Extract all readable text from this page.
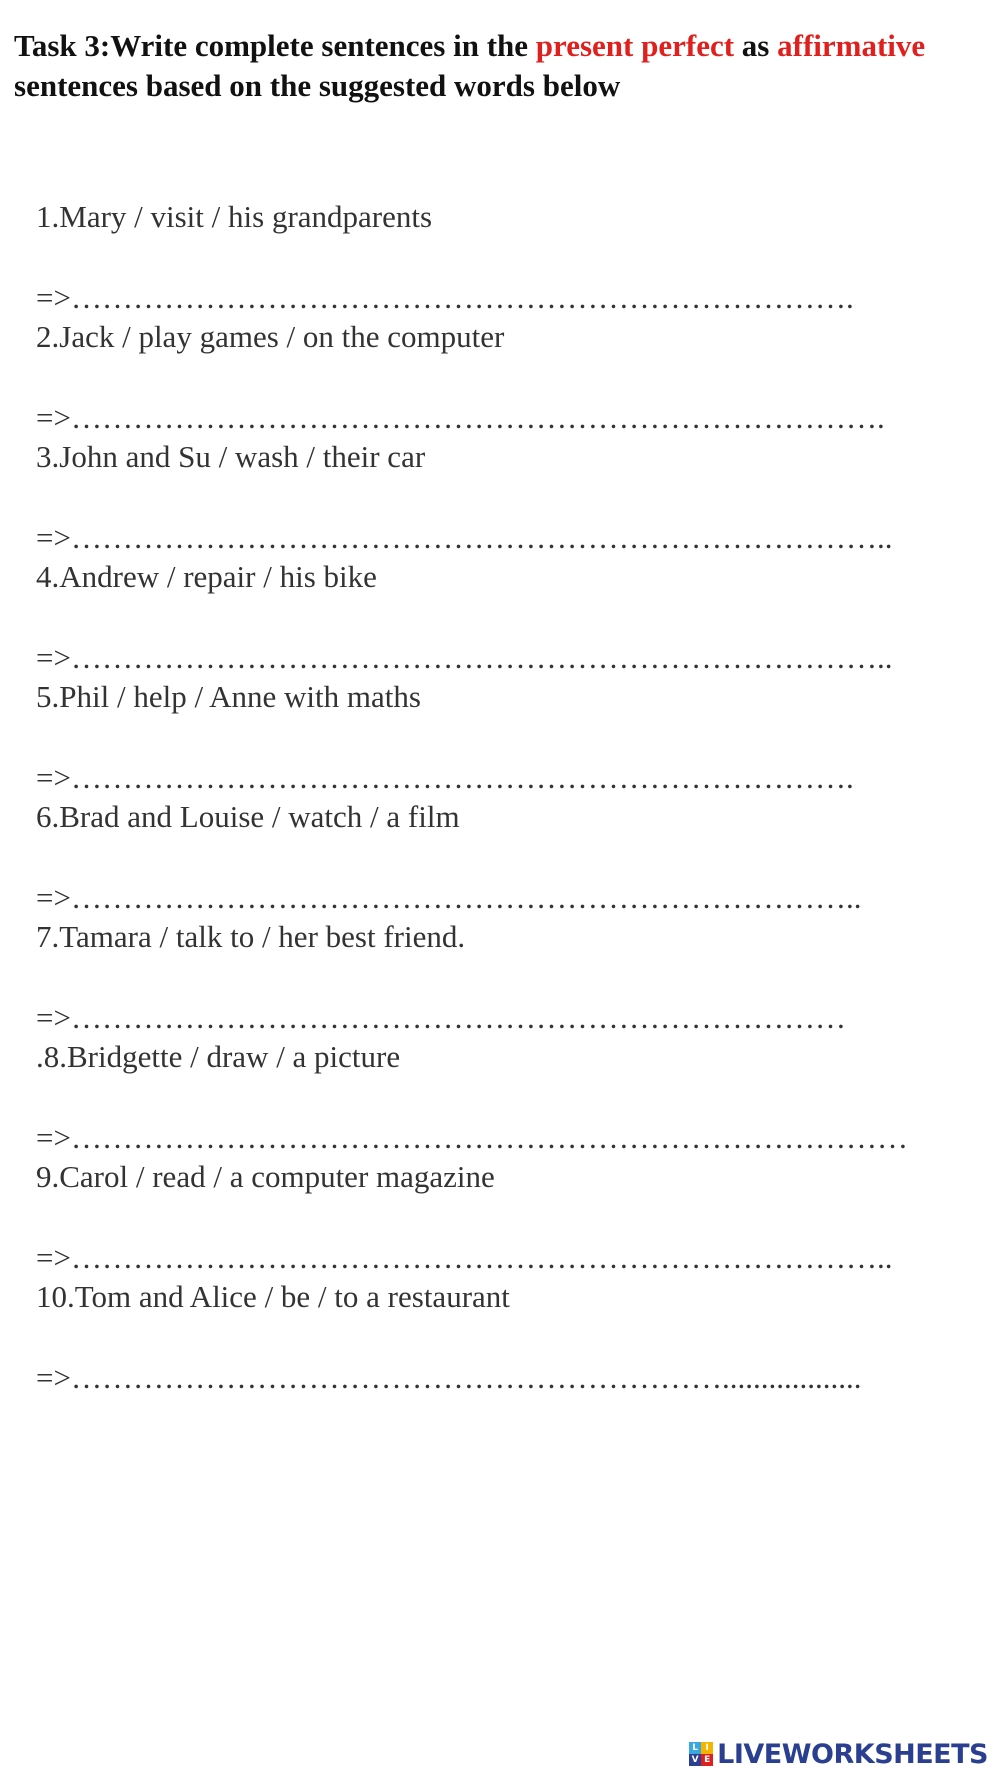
Task 3:Write complete sentences in the present perfect as affirmative sentences based on the suggested words below

1.Mary / visit / his grandparents

=>………………………………………………………………….

2.Jack / play games / on the computer

=>…………………………………………………………………….

3.John and Su / wash / their car

=>……………………………………………………………………..

4.Andrew / repair / his bike

=>……………………………………………………………………..

5.Phil / help / Anne with maths

=>………………………………………………………………….

6.Brad and Louise / watch / a film

=>…………………………………………………………………..

7.Tamara / talk to / her best friend.

=>…………………………………………………………………

.8.Bridgette / draw / a picture

=>………………………………………………………………………

9.Carol / read / a computer magazine

=>……………………………………………………………………..

10.Tom and Alice / be / to a restaurant

=>………………………………………………………..................

L I
V E LIVEWORKSHEETS
